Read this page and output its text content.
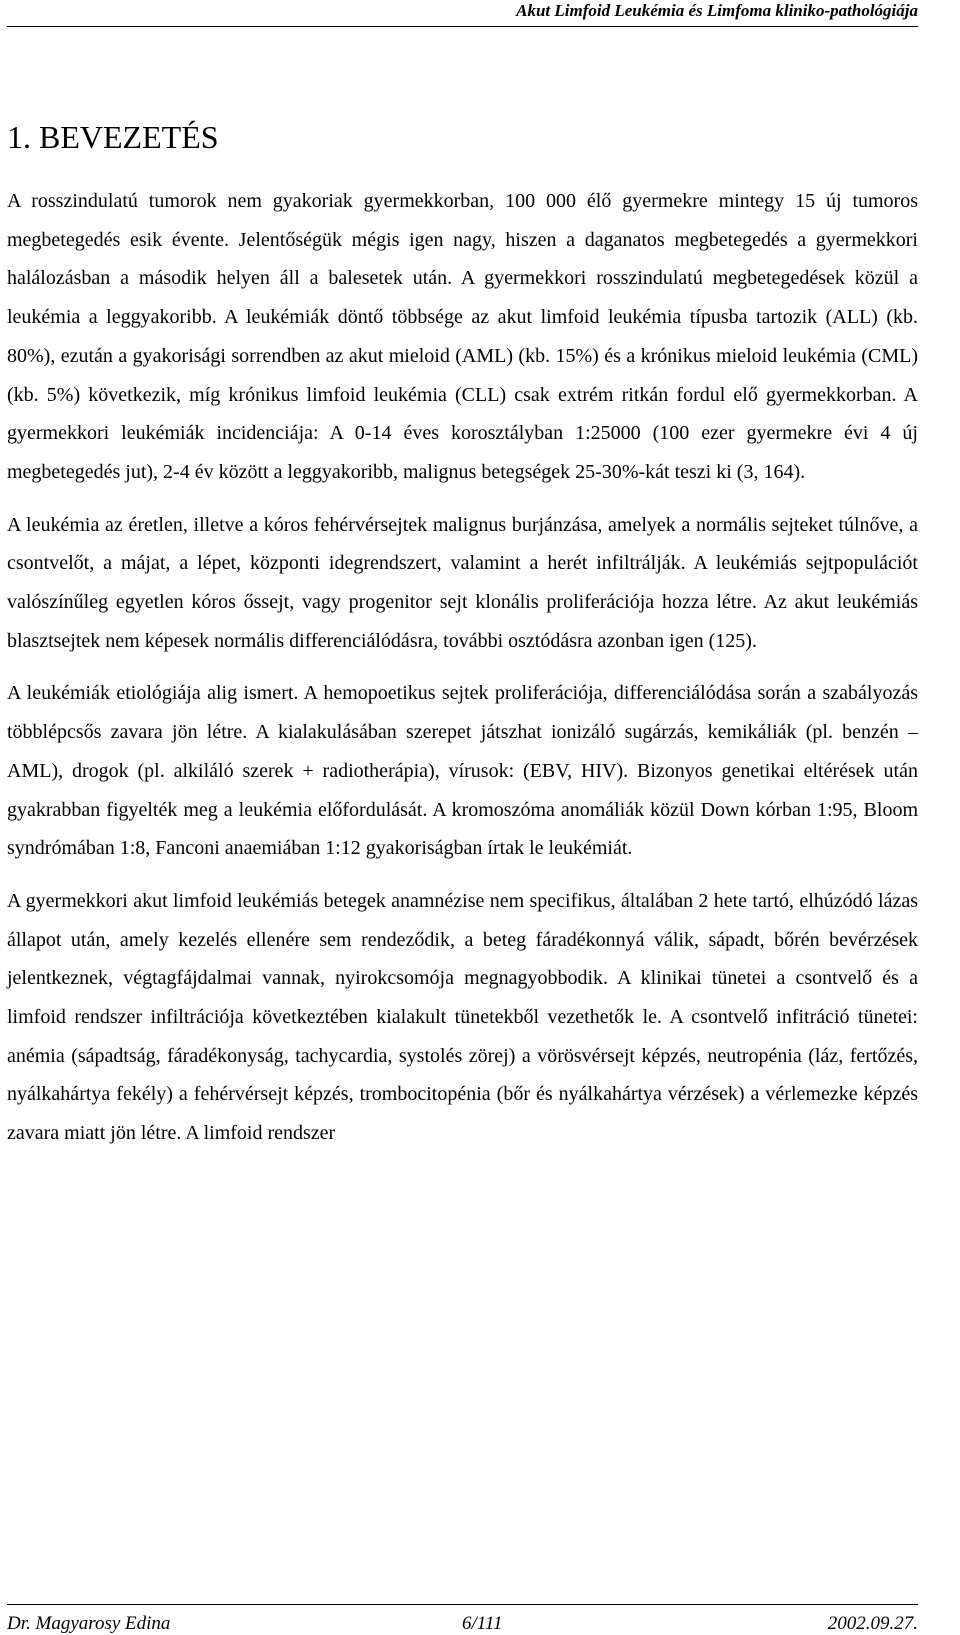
Akut Limfoid Leukémia és Limfoma kliniko-pathológiája
1. BEVEZETÉS

A rosszindulatú tumorok nem gyakoriak gyermekkorban, 100 000 élő gyermekre mintegy 15 új tumoros megbetegedés esik évente. Jelentőségük mégis igen nagy, hiszen a daganatos megbetegedés a gyermekkori halálozásban a második helyen áll a balesetek után. A gyermekkori rosszindulatú megbetegedések közül a leukémia a leggyakoribb. A leukémiák döntő többsége az akut limfoid leukémia típusba tartozik (ALL) (kb. 80%), ezután a gyakorisági sorrendben az akut mieloid (AML) (kb. 15%) és a krónikus mieloid leukémia (CML)(kb. 5%) következik, míg krónikus limfoid leukémia (CLL) csak extrém ritkán fordul elő gyermekkorban. A gyermekkori leukémiák incidenciája: A 0-14 éves korosztályban 1:25000 (100 ezer gyermekre évi 4 új megbetegedés jut), 2-4 év között a leggyakoribb, malignus betegségek 25-30%-kát teszi ki (3, 164).

A leukémia az éretlen, illetve a kóros fehérvérsejtek malignus burjánzása, amelyek a normális sejteket túlnőve, a csontvelőt, a májat, a lépet, központi idegrendszert, valamint a herét infiltrálják. A leukémiás sejtpopulációt valószínűleg egyetlen kóros őssejt, vagy progenitor sejt klonális proliferációja hozza létre. Az akut leukémiás blasztsejtek nem képesek normális differenciálódásra, további osztódásra azonban igen (125).

A leukémiák etiológiája alig ismert. A hemopoetikus sejtek proliferációja, differenciálódása során a szabályozás többlépcsős zavara jön létre. A kialakulásában szerepet játszhat ionizáló sugárzás, kemikáliák (pl. benzén – AML), drogok (pl. alkiláló szerek + radiotherápia), vírusok: (EBV, HIV). Bizonyos genetikai eltérések után gyakrabban figyelték meg a leukémia előfordulását. A kromoszóma anomáliák közül Down kórban 1:95, Bloom syndrómában 1:8, Fanconi anaemiában 1:12 gyakoriságban írtak le leukémiát.

A gyermekkori akut limfoid leukémiás betegek anamnézise nem specifikus, általában 2 hete tartó, elhúzódó lázas állapot után, amely kezelés ellenére sem rendeződik, a beteg fáradékonnyá válik, sápadt, bőrén bevérzések jelentkeznek, végtagfájdalmai vannak, nyirokcsomója megnagyobbodik. A klinikai tünetei a csontvelő és a limfoid rendszer infiltrációja következtében kialakult tünetekből vezethetők le. A csontvelő infitráció tünetei: anémia (sápadtság, fáradékonyság, tachycardia, systolés zörej) a vörösvérsejt képzés, neutropénia (láz, fertőzés, nyálkahártya fekély) a fehérvérsejt képzés, trombocitopénia (bőr és nyálkahártya vérzések) a vérlemezke képzés zavara miatt jön létre. A limfoid rendszer

Dr. Magyarosy Edina	6/111	2002.09.27.
